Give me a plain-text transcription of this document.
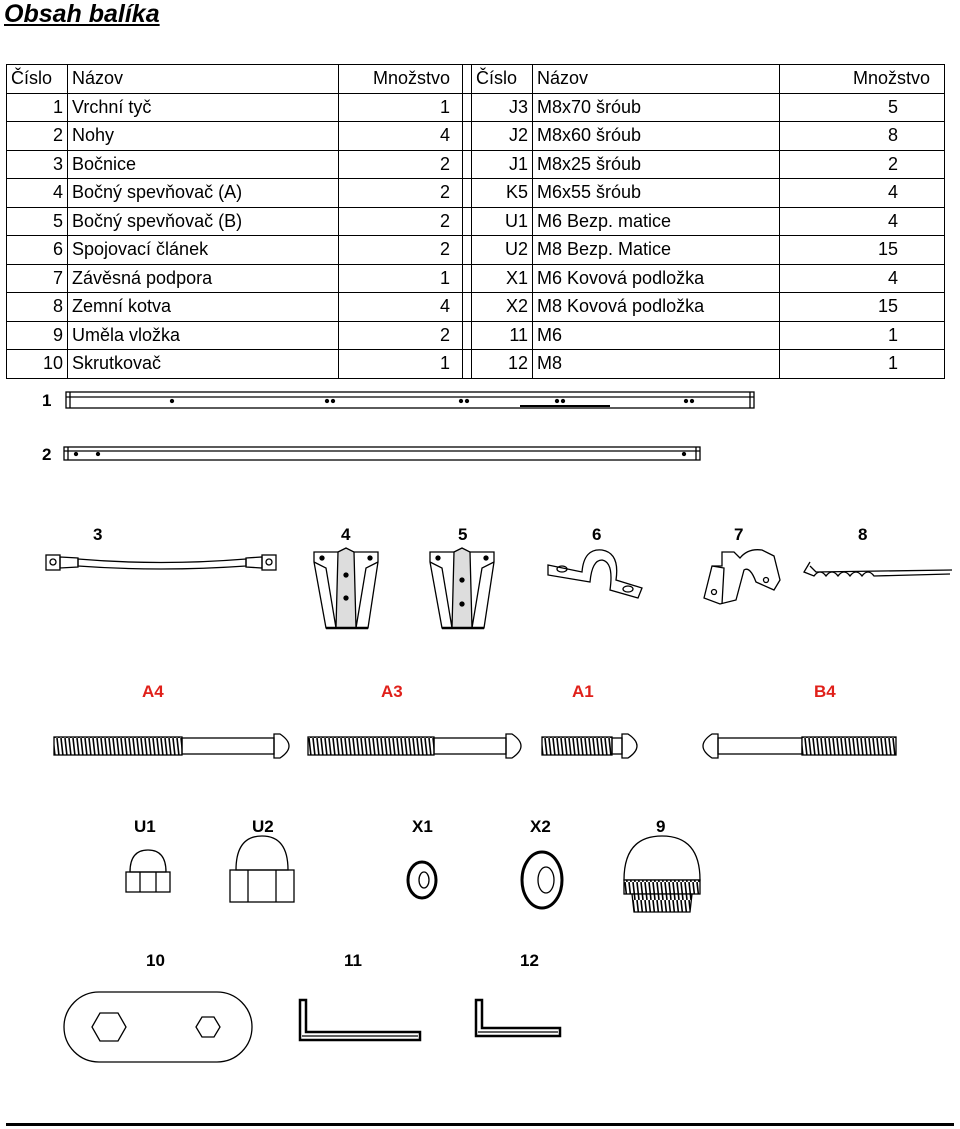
Obsah balíka
Číslo	Názov	Množstvo		Číslo	Názov	Množstvo
1	Vrchní tyč	1		J3	M8x70 šróub	5
2	Nohy	4		J2	M8x60 šróub	8
3	Bočnice	2		J1	M8x25 šróub	2
4	Bočný spevňovač (A)	2		K5	M6x55 šróub	4
5	Bočný spevňovač (B)	2		U1	M6 Bezp. matice	4
6	Spojovací článek	2		U2	M8 Bezp. Matice	15
7	Závěsná podpora	1		X1	M6 Kovová podložka	4
8	Zemní kotva	4		X2	M8 Kovová podložka	15
9	Uměla vložka	2		11	M6	1
10	Skrutkovač	1		12	M8	1
1
2
3	4	5	6	7	8
A4	A3	A1	B4
U1	U2	X1	X2	9
10	11	12
